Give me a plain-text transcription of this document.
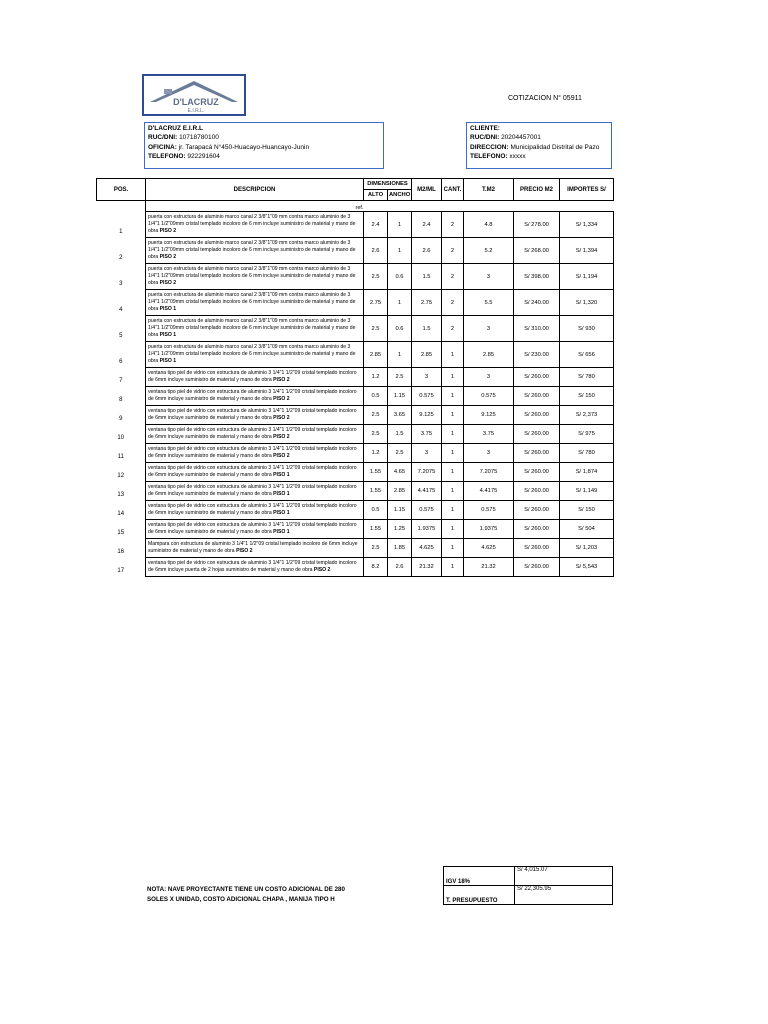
D'LACRUZ
E.I.R.L.
COTIZACION N° 05911
D'LACRUZ E.I.R.L
RUC/DNI: 10718780100
OFICINA: jr. Tarapacá N°450-Huacayo-Huancayo-Junin
TELEFONO: 922291604
CLIENTE:
RUC/DNI: 20204457001
DIRECCION: Municipalidad Distrital de Pazo
TELEFONO: xxxxx
POS.	DESCRIPCION	DIMENSIONES		M2/ML	CANT.	T.M2	PRECIO M2	IMPORTES S/
		ALTO	ANCHO					
	ref.							
1	puerta con estructura de aluminio marco canal 2 3/8"1"09 mm contra marco aluminio de 3 1/4"1 1/2"09mm cristal templado incoloro de 6 mm incluye suministro de material y mano de obra PISO 2	2.4	1	2.4	2	4.8	S/ 278.00	S/ 1,334
2	puerta con estructura de aluminio marco canal 2 3/8"1"09 mm contra marco aluminio de 3 1/4"1 1/2"09mm cristal templado incoloro de 6 mm incluye suministro de material y mano de obra PISO 2	2.6	1	2.6	2	5.2	S/ 268.00	S/ 1,394
3	puerta con estructura de aluminio marco canal 2 3/8"1"09 mm contra marco aluminio de 3 1/4"1 1/2"09mm cristal templado incoloro de 6 mm incluye suministro de material y mano de obra PISO 2	2.5	0.6	1.5	2	3	S/ 398.00	S/ 1,194
4	puerta con estructura de aluminio marco canal 2 3/8"1"09 mm contra marco aluminio de 3 1/4"1 1/2"09mm cristal templado incoloro de 6 mm incluye suministro de material y mano de obra PISO 1	2.75	1	2.75	2	5.5	S/ 240.00	S/ 1,320
5	puerta con estructura de aluminio marco canal 2 3/8"1"09 mm contra marco aluminio de 3 1/4"1 1/2"09mm cristal templado incoloro de 6 mm incluye suministro de material y mano de obra PISO 1	2.5	0.6	1.5	2	3	S/ 310.00	S/ 930
6	puerta con estructura de aluminio marco canal 2 3/8"1"09 mm contra marco aluminio de 3 1/4"1 1/2"09mm cristal templado incoloro de 6 mm incluye suministro de material y mano de obra PISO 1	2.85	1	2.85	1	2.85	S/ 230.00	S/ 656
7	ventana tipo piel de vidrio con estructura de aluminio 3 1/4"1 1/2"09 cristal templado incoloro de 6mm incluye suministro de material y mano de obra PISO 2	1.2	2.5	3	1	3	S/ 260.00	S/ 780
8	ventana tipo piel de vidrio con estructura de aluminio 3 1/4"1 1/2"09 cristal templado incoloro de 6mm incluye suministro de material y mano de obra PISO 2	0.5	1.15	0.575	1	0.575	S/ 260.00	S/ 150
9	ventana tipo piel de vidrio con estructura de aluminio 3 1/4"1 1/2"09 cristal templado incoloro de 6mm incluye suministro de material y mano de obra PISO 2	2.5	3.65	9.125	1	9.125	S/ 260.00	S/ 2,373
10	ventana tipo piel de vidrio con estructura de aluminio 3 1/4"1 1/2"09 cristal templado incoloro de 6mm incluye suministro de material y mano de obra PISO 2	2.5	1.5	3.75	1	3.75	S/ 260.00	S/ 975
11	ventana tipo piel de vidrio con estructura de aluminio 3 1/4"1 1/2"09 cristal templado incoloro de 6mm incluye suministro de material y mano de obra PISO 2	1.2	2.5	3	1	3	S/ 260.00	S/ 780
12	ventana tipo piel de vidrio con estructura de aluminio 3 1/4"1 1/2"09 cristal templado incoloro de 6mm incluye suministro de material y mano de obra PISO 1	1.55	4.65	7.2075	1	7.2075	S/ 260.00	S/ 1,874
13	ventana tipo piel de vidrio con estructura de aluminio 3 1/4"1 1/2"09 cristal templado incoloro de 6mm incluye suministro de material y mano de obra PISO 1	1.55	2.85	4.4175	1	4.4175	S/ 260.00	S/ 1,149
14	ventana tipo piel de vidrio con estructura de aluminio 3 1/4"1 1/2"09 cristal templado incoloro de 6mm incluye suministro de material y mano de obra PISO 1	0.5	1.15	0.575	1	0.575	S/ 260.00	S/ 150
15	ventana tipo piel de vidrio con estructura de aluminio 3 1/4"1 1/2"09 cristal templado incoloro de 6mm incluye suministro de material y mano de obra PISO 1	1.55	1.25	1.9375	1	1.9375	S/ 260.00	S/ 504
16	Mampara con estructura de aluminio 3 1/4"1 1/2"09 cristal templado incoloro de 6mm incluye suministro de material y mano de obra PISO 2	2.5	1.85	4.625	1	4.625	S/ 260.00	S/ 1,203
17	ventana tipo piel de vidrio con estructura de aluminio 3 1/4"1 1/2"09 cristal templado incoloro de 6mm incluye puerta de 2 hojas suministro de material y mano de obra PISO 2	8.2	2.6	21.32	1	21.32	S/ 260.00	S/ 5,543
IGV 18%	S/ 4,015.07
T. PRESUPUESTO	S/ 22,305.95
NOTA: NAVE PROYECTANTE TIENE UN COSTO ADICIONAL DE 280 SOLES X UNIDAD, COSTO ADICIONAL CHAPA , MANIJA TIPO H
